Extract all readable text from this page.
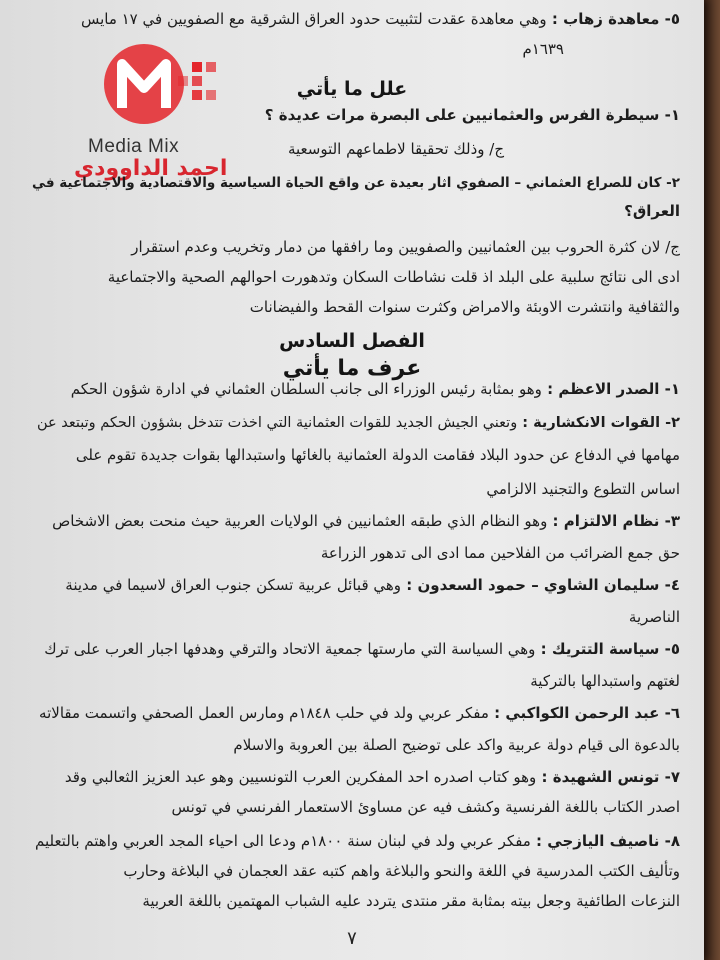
٥- معاهدة زهاب : وهي معاهدة عقدت لتثبيت حدود العراق الشرقية مع الصفويين في ١٧ مايس
١٦٣٩م
Media Mix
احمد الداوودي
علل ما يأتي
١- سيطرة الفرس والعثمانيين على البصرة مرات عديدة ؟
ج/ وذلك تحقيقا لاطماعهم التوسعية
٢- كان للصراع العثماني – الصفوي اثار بعيدة عن واقع الحياة السياسية والاقتصادية والاجتماعية في
العراق؟
ج/ لان كثرة الحروب بين العثمانيين والصفويين وما رافقها من دمار وتخريب وعدم استقرار
ادى الى نتائج سلبية على البلد اذ قلت نشاطات السكان وتدهورت احوالهم الصحية والاجتماعية
والثقافية وانتشرت الاوبئة والامراض وكثرت سنوات القحط والفيضانات
الفصل السادس
عرف ما يأتي
١- الصدر الاعظم : وهو بمثابة رئيس الوزراء الى جانب السلطان العثماني في ادارة شؤون الحكم
٢- القوات الانكشارية : وتعني الجيش الجديد للقوات العثمانية التي اخذت تتدخل بشؤون الحكم وتبتعد عن
مهامها في الدفاع عن حدود البلاد فقامت الدولة العثمانية بالغائها واستبدالها بقوات جديدة تقوم على
اساس التطوع والتجنيد الالزامي
٣- نظام الالتزام : وهو النظام الذي طبقه العثمانيين في الولايات العربية حيث منحت بعض الاشخاص
حق جمع الضرائب من الفلاحين مما ادى الى تدهور الزراعة
٤- سليمان الشاوي – حمود السعدون : وهي قبائل عربية تسكن جنوب العراق لاسيما في مدينة
الناصرية
٥- سياسة التتريك : وهي السياسة التي مارستها جمعية الاتحاد والترقي وهدفها اجبار العرب على ترك
لغتهم واستبدالها بالتركية
٦- عبد الرحمن الكواكبي : مفكر عربي ولد في حلب ١٨٤٨م ومارس العمل الصحفي واتسمت مقالاته
بالدعوة الى قيام دولة عربية واكد على توضيح الصلة بين العروبة والاسلام
٧- تونس الشهيدة : وهو كتاب اصدره احد المفكرين العرب التونسيين وهو عبد العزيز الثعالبي وقد
اصدر الكتاب باللغة الفرنسية وكشف فيه عن مساوئ الاستعمار الفرنسي في تونس
٨- ناصيف اليازجي : مفكر عربي ولد في لبنان سنة ١٨٠٠م ودعا الى احياء المجد العربي واهتم بالتعليم
وتأليف الكتب المدرسية في اللغة والنحو والبلاغة واهم كتبه عقد العجمان في البلاغة وحارب
النزعات الطائفية وجعل بيته بمثابة مقر منتدى يتردد عليه الشباب المهتمين باللغة العربية
٧
